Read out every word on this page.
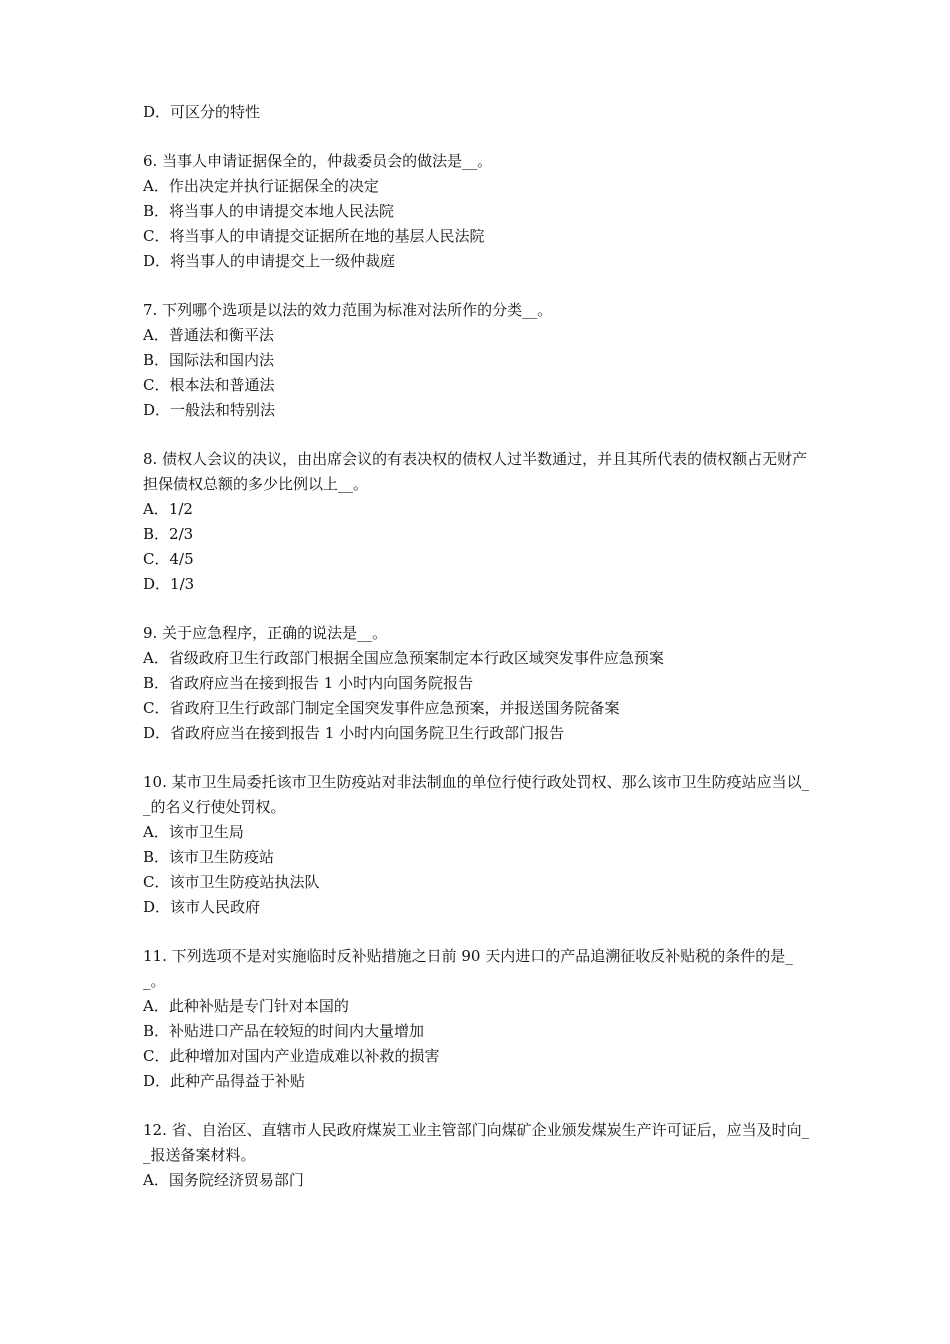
D．可区分的特性
6. 当事人申请证据保全的，仲裁委员会的做法是__。
A．作出决定并执行证据保全的决定
B．将当事人的申请提交本地人民法院
C．将当事人的申请提交证据所在地的基层人民法院
D．将当事人的申请提交上一级仲裁庭
7. 下列哪个选项是以法的效力范围为标准对法所作的分类__。
A．普通法和衡平法
B．国际法和国内法
C．根本法和普通法
D．一般法和特别法
8. 债权人会议的决议，由出席会议的有表决权的债权人过半数通过，并且其所代表的债权额占无财产担保债权总额的多少比例以上__。
A．1/2
B．2/3
C．4/5
D．1/3
9. 关于应急程序，正确的说法是__。
A．省级政府卫生行政部门根据全国应急预案制定本行政区域突发事件应急预案
B．省政府应当在接到报告 1 小时内向国务院报告
C．省政府卫生行政部门制定全国突发事件应急预案，并报送国务院备案
D．省政府应当在接到报告 1 小时内向国务院卫生行政部门报告
10. 某市卫生局委托该市卫生防疫站对非法制血的单位行使行政处罚权、那么该市卫生防疫站应当以__的名义行使处罚权。
A．该市卫生局
B．该市卫生防疫站
C．该市卫生防疫站执法队
D．该市人民政府
11. 下列选项不是对实施临时反补贴措施之日前 90 天内进口的产品追溯征收反补贴税的条件的是__。
A．此种补贴是专门针对本国的
B．补贴进口产品在较短的时间内大量增加
C．此种增加对国内产业造成难以补救的损害
D．此种产品得益于补贴
12. 省、自治区、直辖市人民政府煤炭工业主管部门向煤矿企业颁发煤炭生产许可证后，应当及时向__报送备案材料。
A．国务院经济贸易部门
